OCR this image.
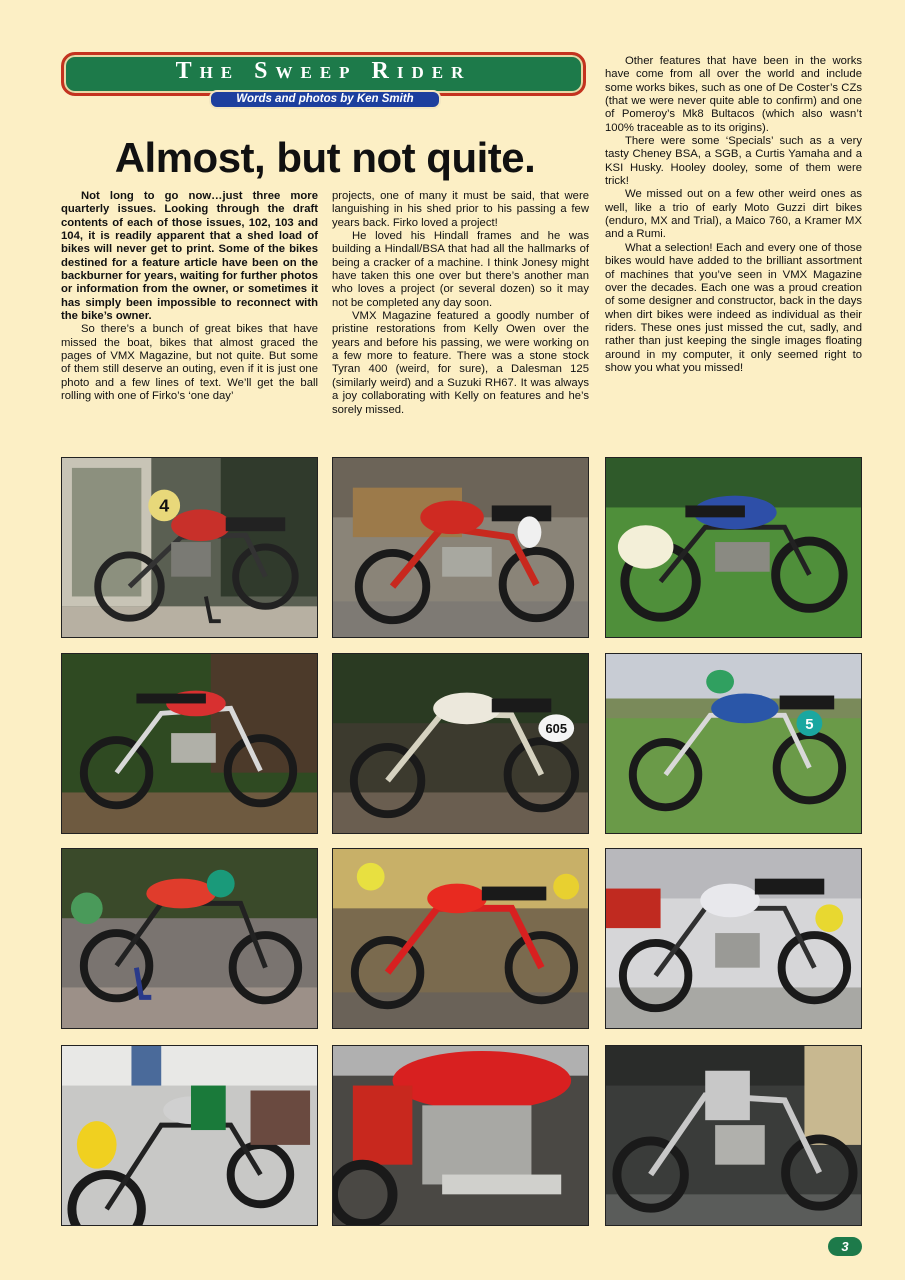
The Sweep Rider
Words and photos by Ken Smith
Almost, but not quite.

Not long to go now…just three more quarterly issues. Looking through the draft contents of each of those issues, 102, 103 and 104, it is readily apparent that a shed load of bikes will never get to print. Some of the bikes destined for a feature article have been on the backburner for years, waiting for further photos or information from the owner, or sometimes it has simply been impossible to reconnect with the bike’s owner.

So there’s a bunch of great bikes that have missed the boat, bikes that almost graced the pages of VMX Magazine, but not quite. But some of them still deserve an outing, even if it is just one photo and a few lines of text. We’ll get the ball rolling with one of Firko’s ‘one day’

projects, one of many it must be said, that were languishing in his shed prior to his passing a few years back. Firko loved a project!

He loved his Hindall frames and he was building a Hindall/BSA that had all the hallmarks of being a cracker of a machine. I think Jonesy might have taken this one over but there’s another man who loves a project (or several dozen) so it may not be completed any day soon.

VMX Magazine featured a goodly number of pristine restorations from Kelly Owen over the years and before his passing, we were working on a few more to feature. There was a stone stock Tyran 400 (weird, for sure), a Dalesman 125 (similarly weird) and a Suzuki RH67. It was always a joy collaborating with Kelly on features and he’s sorely missed.

Other features that have been in the works have come from all over the world and include some works bikes, such as one of De Coster’s CZs (that we were never quite able to confirm) and one of Pomeroy’s Mk8 Bultacos (which also wasn’t 100% traceable as to its origins).

There were some ‘Specials’ such as a very tasty Cheney BSA, a SGB, a Curtis Yamaha and a KSI Husky. Hooley dooley, some of them were trick!

We missed out on a few other weird ones as well, like a trio of early Moto Guzzi dirt bikes (enduro, MX and Trial), a Maico 760, a Kramer MX and a Rumi.

What a selection! Each and every one of those bikes would have added to the brilliant assortment of machines that you’ve seen in VMX Magazine over the decades. Each one was a proud creation of some designer and constructor, back in the days when dirt bikes were indeed as individual as their riders. These ones just missed the cut, sadly, and rather than just keeping the single images floating around in my computer, it only seemed right to show you what you missed!

4
605	5
3
